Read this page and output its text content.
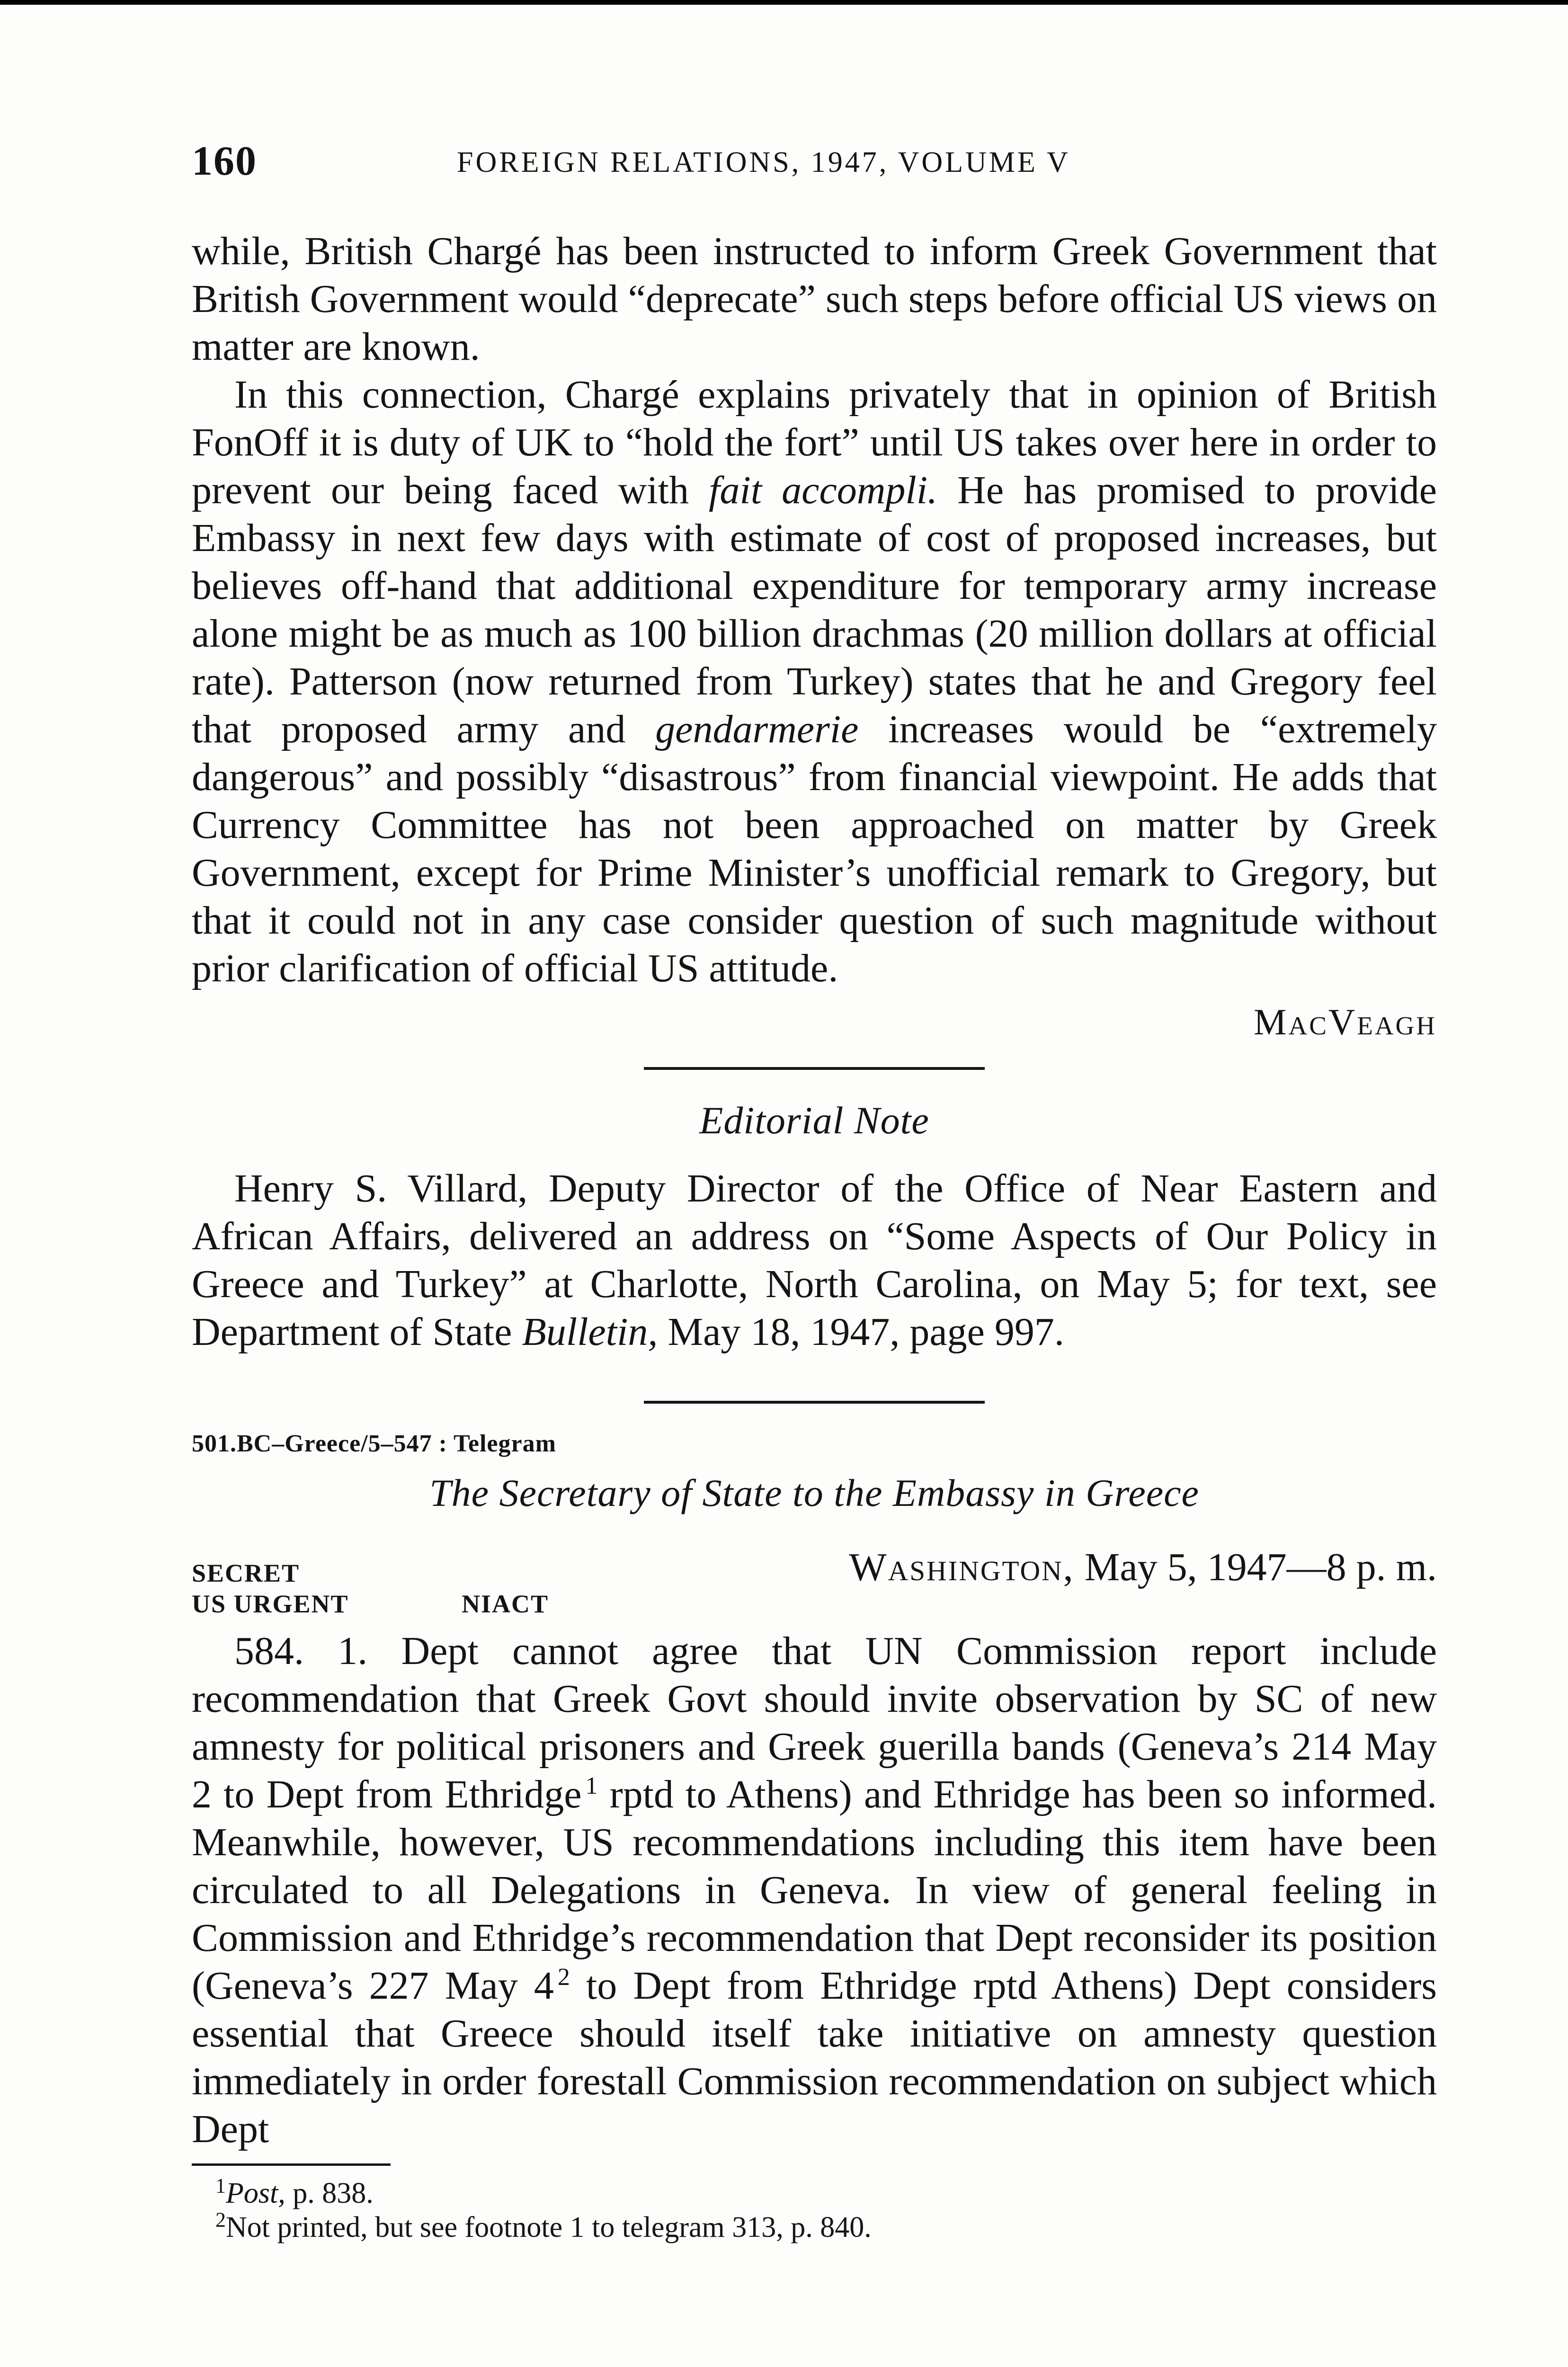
160	FOREIGN RELATIONS, 1947, VOLUME V

while, British Chargé has been instructed to inform Greek Government that British Government would “deprecate” such steps before official US views on matter are known.

In this connection, Chargé explains privately that in opinion of British FonOff it is duty of UK to “hold the fort” until US takes over here in order to prevent our being faced with fait accompli. He has promised to provide Embassy in next few days with estimate of cost of proposed increases, but believes off-hand that additional expenditure for temporary army increase alone might be as much as 100 billion drachmas (20 million dollars at official rate). Patterson (now returned from Turkey) states that he and Gregory feel that proposed army and gendarmerie increases would be “extremely dangerous” and possibly “disastrous” from financial viewpoint. He adds that Currency Committee has not been approached on matter by Greek Government, except for Prime Minister’s unofficial remark to Gregory, but that it could not in any case consider question of such magnitude without prior clarification of official US attitude.

MacVeagh

Editorial Note

Henry S. Villard, Deputy Director of the Office of Near Eastern and African Affairs, delivered an address on “Some Aspects of Our Policy in Greece and Turkey” at Charlotte, North Carolina, on May 5; for text, see Department of State Bulletin, May 18, 1947, page 997.

501.BC–Greece/5–547 : Telegram

The Secretary of State to the Embassy in Greece

SECRET	Washington, May 5, 1947—8 p. m.
US URGENT	NIACT

584. 1. Dept cannot agree that UN Commission report include recommendation that Greek Govt should invite observation by SC of new amnesty for political prisoners and Greek guerilla bands (Geneva’s 214 May 2 to Dept from Ethridge $^1$ rptd to Athens) and Ethridge has been so informed. Meanwhile, however, US recommendations including this item have been circulated to all Delegations in Geneva. In view of general feeling in Commission and Ethridge’s recommendation that Dept reconsider its position (Geneva’s 227 May 4 $^2$ to Dept from Ethridge rptd Athens) Dept considers essential that Greece should itself take initiative on amnesty question immediately in order forestall Commission recommendation on subject which Dept

$^1$Post, p. 838.

$^2$Not printed, but see footnote 1 to telegram 313, p. 840.
